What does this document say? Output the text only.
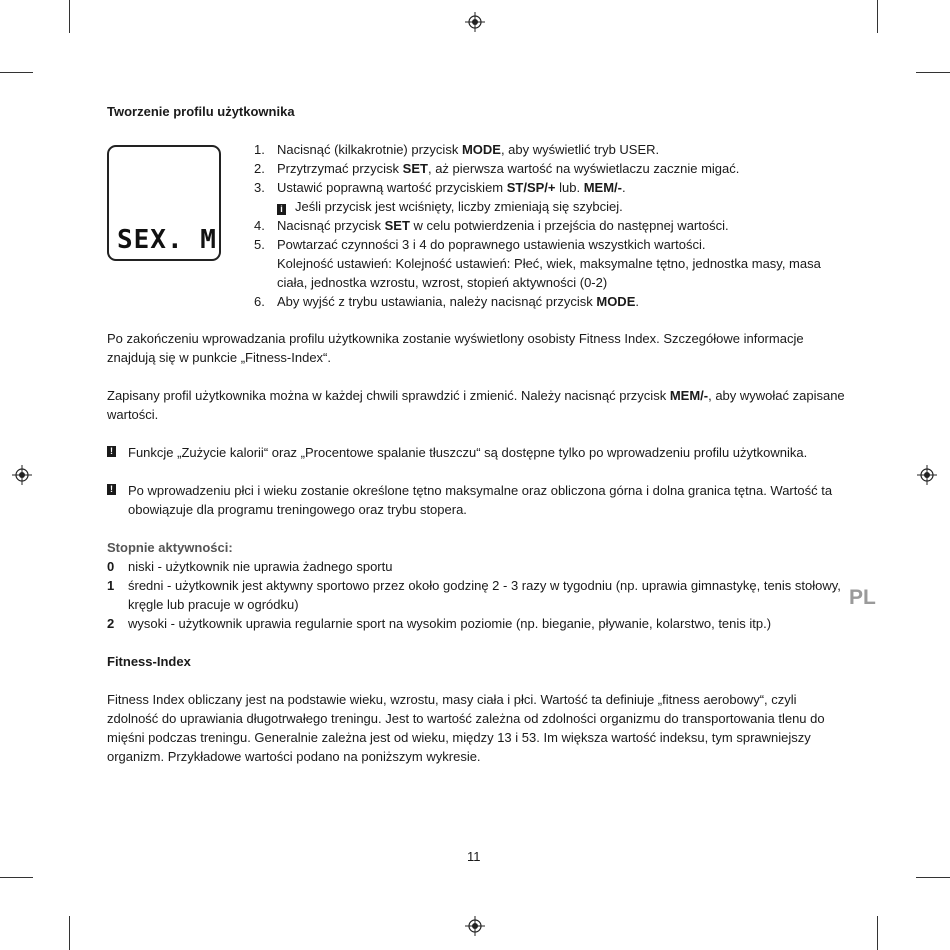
Tworzenie profilu użytkownika
SEX. M
1. Nacisnąć (kilkakrotnie) przycisk MODE, aby wyświetlić tryb USER.
2. Przytrzymać przycisk SET, aż pierwsza wartość na wyświetlaczu zacznie migać.
3. Ustawić poprawną wartość przyciskiem ST/SP/+ lub. MEM/-.
i Jeśli przycisk jest wciśnięty, liczby zmieniają się szybciej.
4. Nacisnąć przycisk SET w celu potwierdzenia i przejścia do następnej wartości.
5. Powtarzać czynności 3 i 4 do poprawnego ustawienia wszystkich wartości.
Kolejność ustawień: Kolejność ustawień: Płeć, wiek, maksymalne tętno, jednostka masy, masa ciała, jednostka wzrostu, wzrost, stopień aktywności (0-2)
6. Aby wyjść z trybu ustawiania, należy nacisnąć przycisk MODE.
Po zakończeniu wprowadzania profilu użytkownika zostanie wyświetlony osobisty Fitness Index. Szczegółowe informacje znajdują się w punkcie „Fitness-Index“.
Zapisany profil użytkownika można w każdej chwili sprawdzić i zmienić. Należy nacisnąć przycisk MEM/-, aby wywołać zapisane wartości.
! Funkcje „Zużycie kalorii“ oraz „Procentowe spalanie tłuszczu“ są dostępne tylko po wprowadzeniu profilu użytkownika.
! Po wprowadzeniu płci i wieku zostanie określone tętno maksymalne oraz obliczona górna i dolna granica tętna. Wartość ta obowiązuje dla programu treningowego oraz trybu stopera.
Stopnie aktywności:
0 niski - użytkownik nie uprawia żadnego sportu
1 średni - użytkownik jest aktywny sportowo przez około godzinę 2 - 3 razy w tygodniu (np. uprawia gimnastykę, tenis stołowy, kręgle lub pracuje w ogródku)
2 wysoki - użytkownik uprawia regularnie sport na wysokim poziomie (np. bieganie, pływanie, kolarstwo, tenis itp.)
Fitness-Index
Fitness Index obliczany jest na podstawie wieku, wzrostu, masy ciała i płci. Wartość ta definiuje „fitness aerobowy“, czyli zdolność do uprawiania długotrwałego treningu. Jest to wartość zależna od zdolności organizmu do transportowania tlenu do mięśni podczas treningu. Generalnie zależna jest od wieku, między 13 i 53. Im większa wartość indeksu, tym sprawniejszy organizm. Przykładowe wartości podano na poniższym wykresie.
PL
11
